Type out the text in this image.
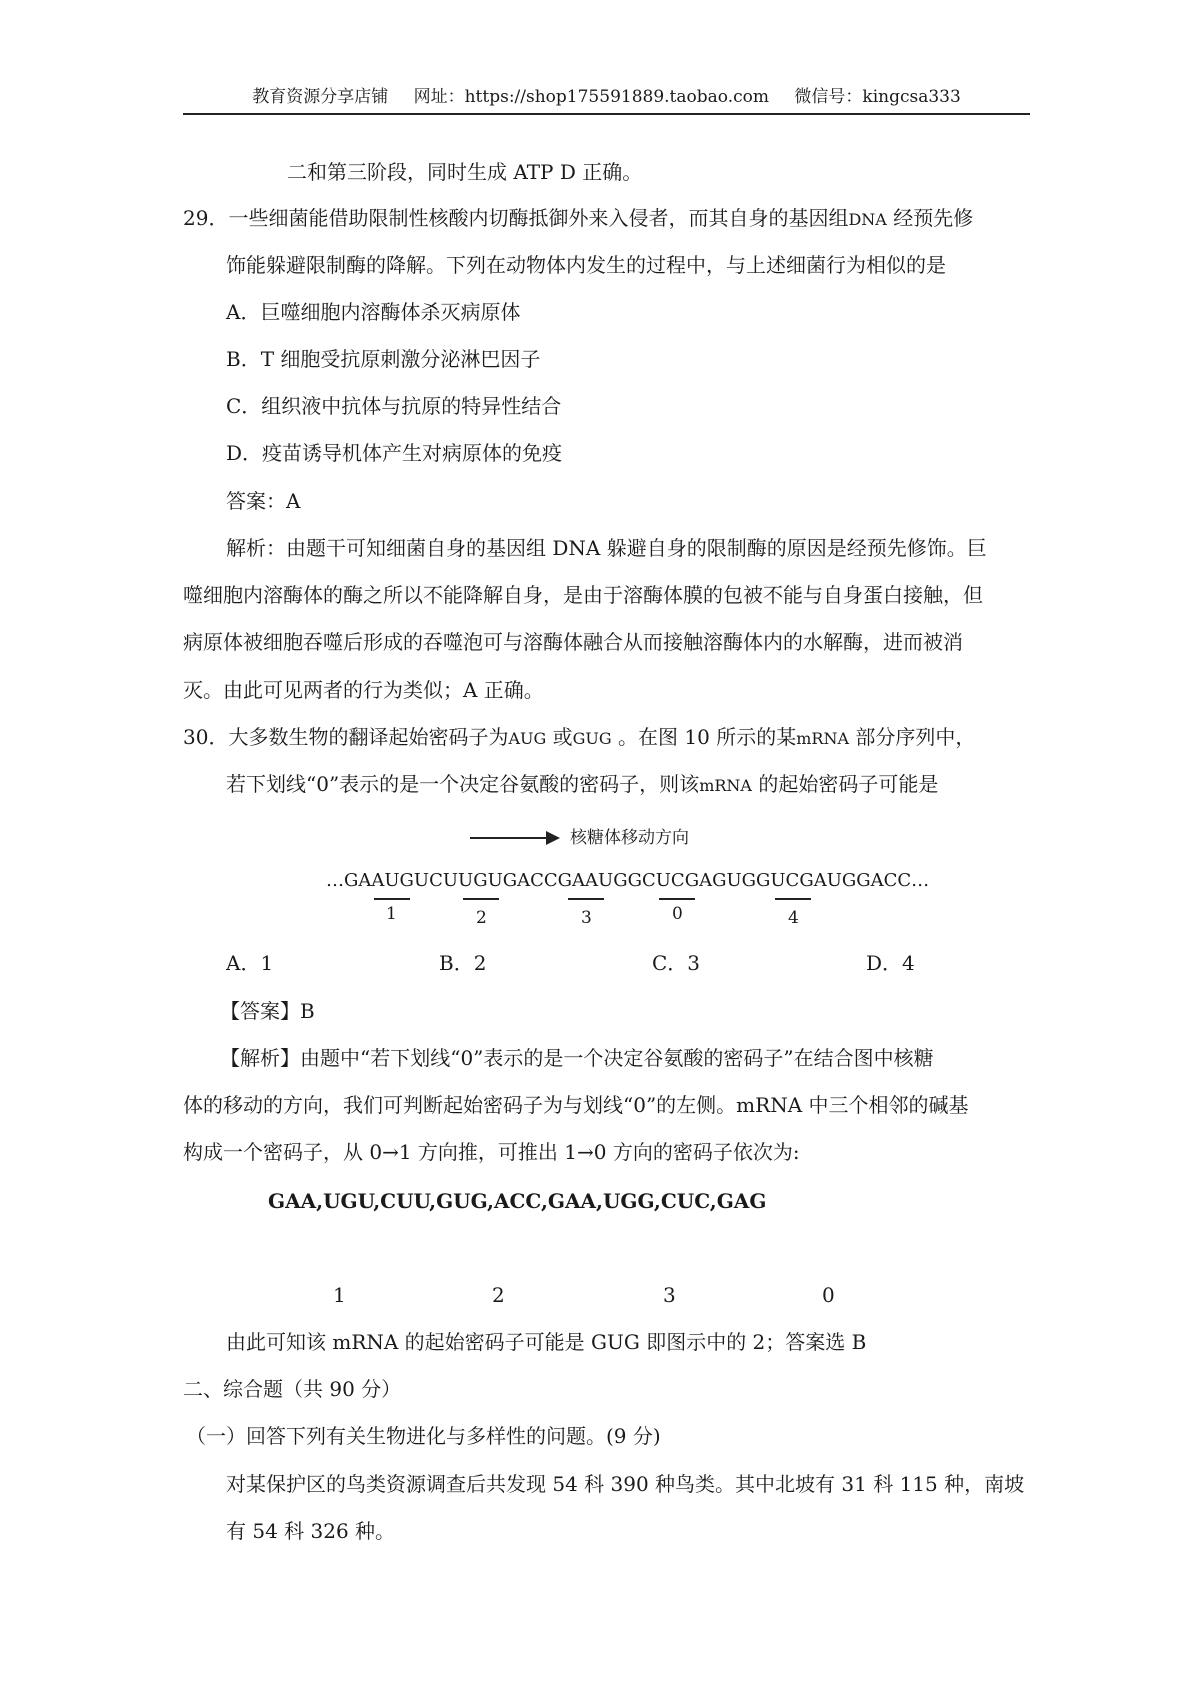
教育资源分享店铺 网址：https://shop175591889.taobao.com 微信号：kingcsa333
二和第三阶段，同时生成 ATP D 正确。
29．一些细菌能借助限制性核酸内切酶抵御外来入侵者，而其自身的基因组DNA 经预先修
饰能躲避限制酶的降解。下列在动物体内发生的过程中，与上述细菌行为相似的是
A．巨噬细胞内溶酶体杀灭病原体
B．T 细胞受抗原刺激分泌淋巴因子
C．组织液中抗体与抗原的特异性结合
D．疫苗诱导机体产生对病原体的免疫
答案：A
解析：由题干可知细菌自身的基因组 DNA 躲避自身的限制酶的原因是经预先修饰。巨
噬细胞内溶酶体的酶之所以不能降解自身，是由于溶酶体膜的包被不能与自身蛋白接触，但
病原体被细胞吞噬后形成的吞噬泡可与溶酶体融合从而接触溶酶体内的水解酶，进而被消
灭。由此可见两者的行为类似；A 正确。
30．大多数生物的翻译起始密码子为AUG 或GUG 。在图 10 所示的某mRNA 部分序列中，
若下划线“0”表示的是一个决定谷氨酸的密码子，则该mRNA 的起始密码子可能是
核糖体移动方向
…GAAUGUCUUGUGACCGAAUGGCUCGAGUGGUCGAUGGACC…
1	2	3	0	4
A．1	B．2	C．3	D．4
【答案】B
【解析】由题中“若下划线“0”表示的是一个决定谷氨酸的密码子”在结合图中核糖
体的移动的方向，我们可判断起始密码子为与划线“0”的左侧。mRNA 中三个相邻的碱基
构成一个密码子，从 0→1 方向推，可推出 1→0 方向的密码子依次为:
GAA,UGU,CUU,GUG,ACC,GAA,UGG,CUC,GAG
1	2	3	0
由此可知该 mRNA 的起始密码子可能是 GUG 即图示中的 2；答案选 B
二、综合题（共 90 分）
（一）回答下列有关生物进化与多样性的问题。(9 分)
对某保护区的鸟类资源调查后共发现 54 科 390 种鸟类。其中北坡有 31 科 115 种，南坡
有 54 科 326 种。
